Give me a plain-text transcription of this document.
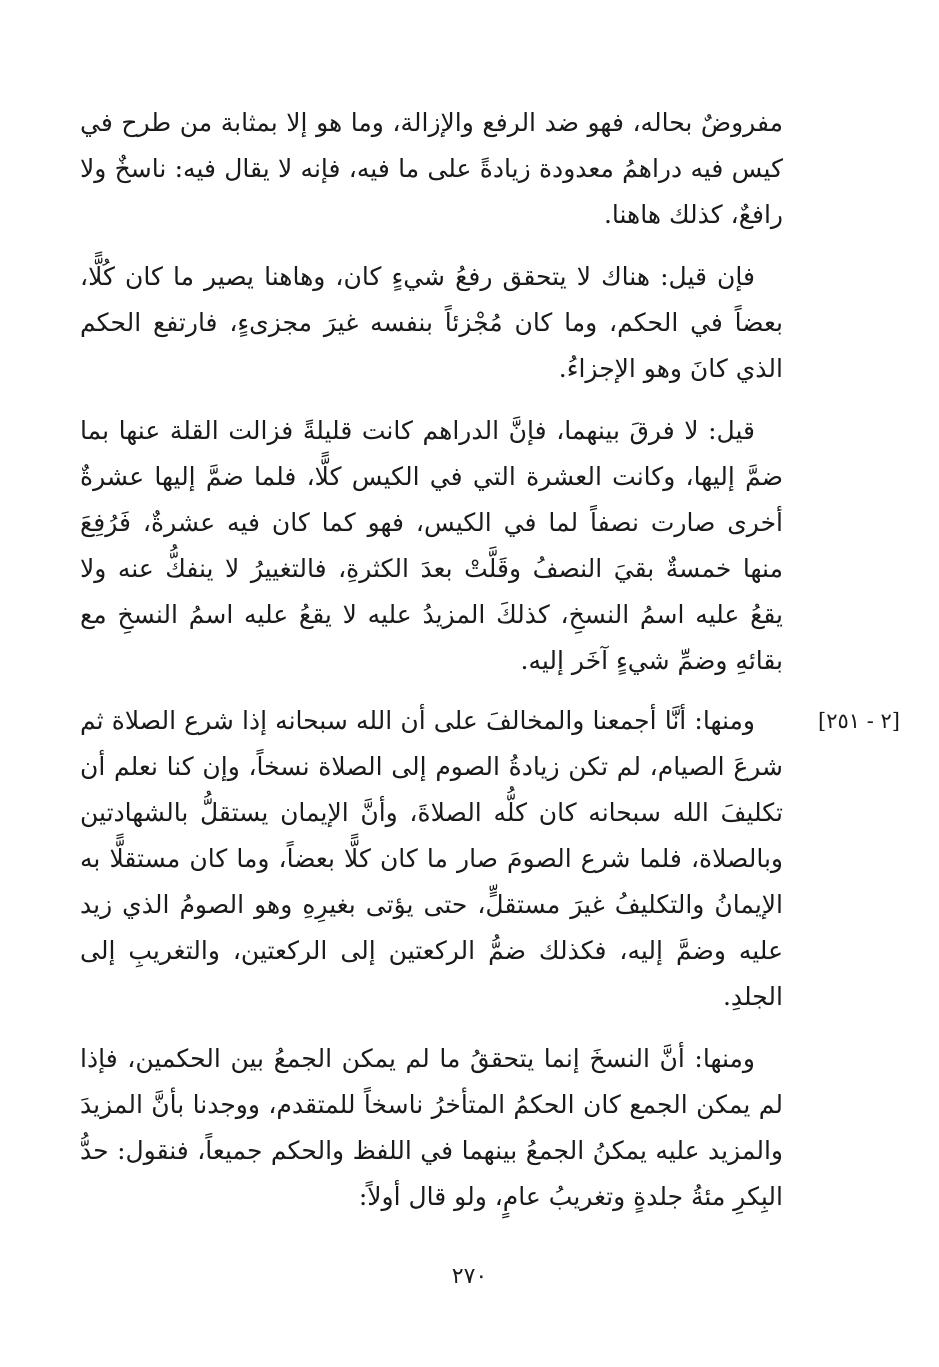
مفروضٌ بحاله، فهو ضد الرفع والإزالة، وما هو إلا بمثابة من طرح في كيس فيه دراهمُ معدودة زيادةً على ما فيه، فإنه لا يقال فيه: ناسخٌ ولا رافعٌ، كذلك هاهنا.

فإن قيل: هناك لا يتحقق رفعُ شيءٍ كان، وهاهنا يصير ما كان كُلًّا، بعضاً في الحكم، وما كان مُجْزئاً بنفسه غيرَ مجزىءٍ، فارتفع الحكم الذي كانَ وهو الإجزاءُ.

قيل: لا فرقَ بينهما، فإنَّ الدراهم كانت قليلةً فزالت القلة عنها بما ضمَّ إليها، وكانت العشرة التي في الكيس كلًّا، فلما ضمَّ إليها عشرةٌ أخرى صارت نصفاً لما في الكيس، فهو كما كان فيه عشرةٌ، فَرُفِعَ منها خمسةٌ بقيَ النصفُ وقَلَّتْ بعدَ الكثرةِ، فالتغييرُ لا ينفكُّ عنه ولا يقعُ عليه اسمُ النسخِ، كذلكَ المزيدُ عليه لا يقعُ عليه اسمُ النسخِ مع بقائهِ وضمِّ شيءٍ آخَر إليه.

[٢ - ٢٥١]

ومنها: أنَّا أجمعنا والمخالفَ على أن الله سبحانه إذا شرع الصلاة ثم شرعَ الصيام، لم تكن زيادةُ الصوم إلى الصلاة نسخاً، وإن كنا نعلم أن تكليفَ الله سبحانه كان كلُّه الصلاةَ، وأنَّ الإيمان يستقلُّ بالشهادتين وبالصلاة، فلما شرع الصومَ صار ما كان كلًّا بعضاً، وما كان مستقلًّا به الإيمانُ والتكليفُ غيرَ مستقلٍّ، حتى يؤتى بغيرِهِ وهو الصومُ الذي زيد عليه وضمَّ إليه، فكذلك ضمُّ الركعتين إلى الركعتين، والتغريبِ إلى الجلدِ.

ومنها: أنَّ النسخَ إنما يتحققُ ما لم يمكن الجمعُ بين الحكمين، فإذا لم يمكن الجمع كان الحكمُ المتأخرُ ناسخاً للمتقدم، ووجدنا بأنَّ المزيدَ والمزيد عليه يمكنُ الجمعُ بينهما في اللفظ والحكم جميعاً، فنقول: حدُّ البِكرِ مئةُ جلدةٍ وتغريبُ عامٍ، ولو قال أولاً:

٢٧٠
